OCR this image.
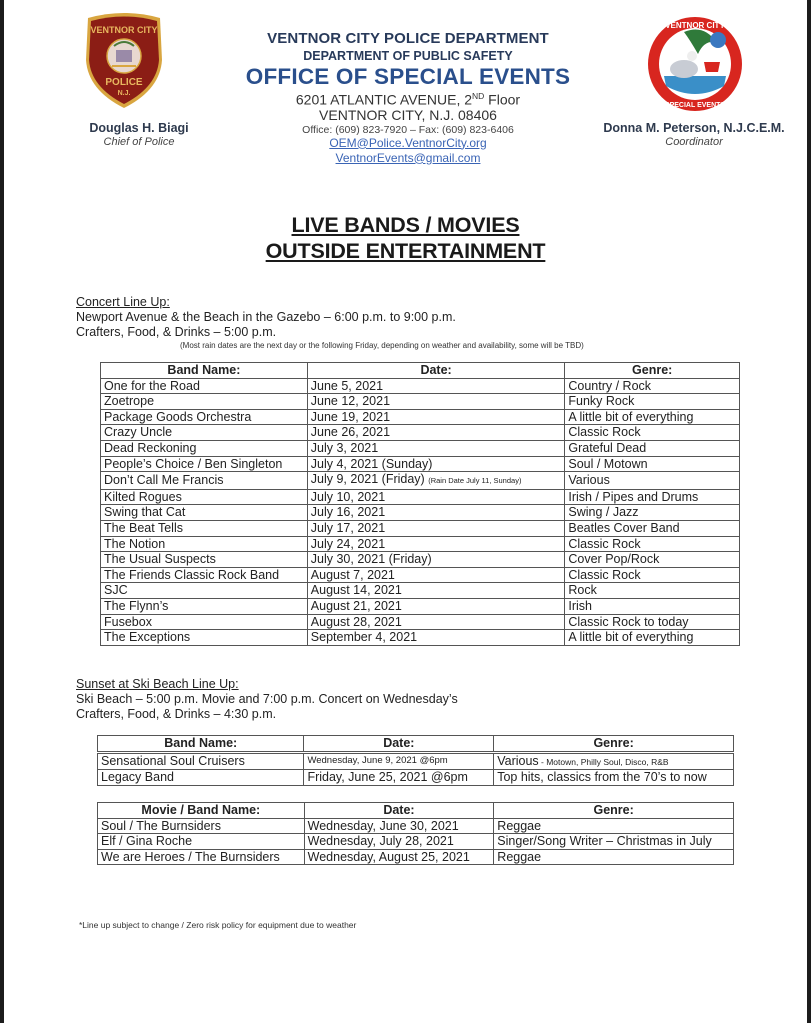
VENTNOR CITY
POLICE
N.J.
VENTNOR CITY
SPECIAL EVENTS
Douglas H. Biagi
Chief of Police
Donna M. Peterson, N.J.C.E.M.
Coordinator
VENTNOR CITY POLICE DEPARTMENT
DEPARTMENT OF PUBLIC SAFETY
OFFICE OF SPECIAL EVENTS
6201 ATLANTIC AVENUE, 2ND Floor
VENTNOR CITY, N.J. 08406
Office: (609) 823-7920 – Fax: (609) 823-6406
OEM@Police.VentnorCity.org
VentnorEvents@gmail.com
LIVE BANDS / MOVIES
OUTSIDE ENTERTAINMENT
Concert Line Up:
Newport Avenue & the Beach in the Gazebo – 6:00 p.m. to 9:00 p.m.
Crafters, Food, & Drinks – 5:00 p.m.
(Most rain dates are the next day or the following Friday, depending on weather and availability, some will be TBD)
Band Name:	Date:	Genre:
One for the Road	June 5, 2021	Country / Rock
Zoetrope	June 12, 2021	Funky Rock
Package Goods Orchestra	June 19, 2021	A little bit of everything
Crazy Uncle	June 26, 2021	Classic Rock
Dead Reckoning	July 3, 2021	Grateful Dead
People’s Choice / Ben Singleton	July 4, 2021 (Sunday)	Soul / Motown
Don’t Call Me Francis	July 9, 2021 (Friday) (Rain Date July 11, Sunday)	Various
Kilted Rogues	July 10, 2021	Irish / Pipes and Drums
Swing that Cat	July 16, 2021	Swing / Jazz
The Beat Tells	July 17, 2021	Beatles Cover Band
The Notion	July 24, 2021	Classic Rock
The Usual Suspects	July 30, 2021 (Friday)	Cover Pop/Rock
The Friends Classic Rock Band	August 7, 2021	Classic Rock
SJC	August 14, 2021	Rock
The Flynn’s	August 21, 2021	Irish
Fusebox	August 28, 2021	Classic Rock to today
The Exceptions	September 4, 2021	A little bit of everything
Sunset at Ski Beach Line Up:
Ski Beach – 5:00 p.m. Movie and 7:00 p.m. Concert on Wednesday’s
Crafters, Food, & Drinks – 4:30 p.m.
Band Name:	Date:	Genre:
Sensational Soul Cruisers	Wednesday, June 9, 2021 @6pm	Various - Motown, Philly Soul, Disco, R&B
Legacy Band	Friday, June 25, 2021 @6pm	Top hits, classics from the 70’s to now
Movie / Band Name:	Date:	Genre:
Soul / The Burnsiders	Wednesday, June 30, 2021	Reggae
Elf / Gina Roche	Wednesday, July 28, 2021	Singer/Song Writer – Christmas in July
We are Heroes / The Burnsiders	Wednesday, August 25, 2021	Reggae
*Line up subject to change / Zero risk policy for equipment due to weather
